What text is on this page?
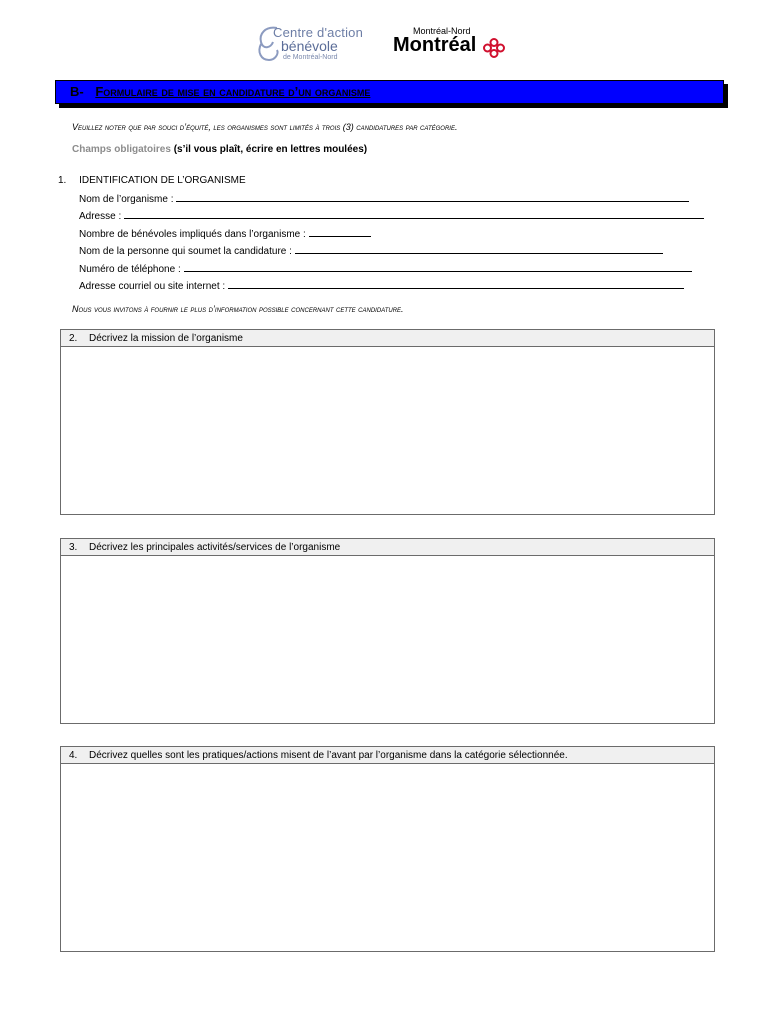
Centre d'action
bénévole
de Montréal-Nord
Montréal-Nord
Montréal
B- Formulaire de mise en candidature d’un organisme
Veuillez noter que par souci d’équité, les organismes sont limités à trois (3) candidatures par catégorie.
Champs obligatoires (s’il vous plaît, écrire en lettres moulées)
1. IDENTIFICATION DE L’ORGANISME
Nom de l’organisme :
Adresse :
Nombre de bénévoles impliqués dans l’organisme :
Nom de la personne qui soumet la candidature :
Numéro de téléphone :
Adresse courriel ou site internet :
Nous vous invitons à fournir le plus d’information possible concernant cette candidature.
2. Décrivez la mission de l’organisme
3. Décrivez les principales activités/services de l’organisme
4. Décrivez quelles sont les pratiques/actions misent de l’avant par l’organisme dans la catégorie sélectionnée.
